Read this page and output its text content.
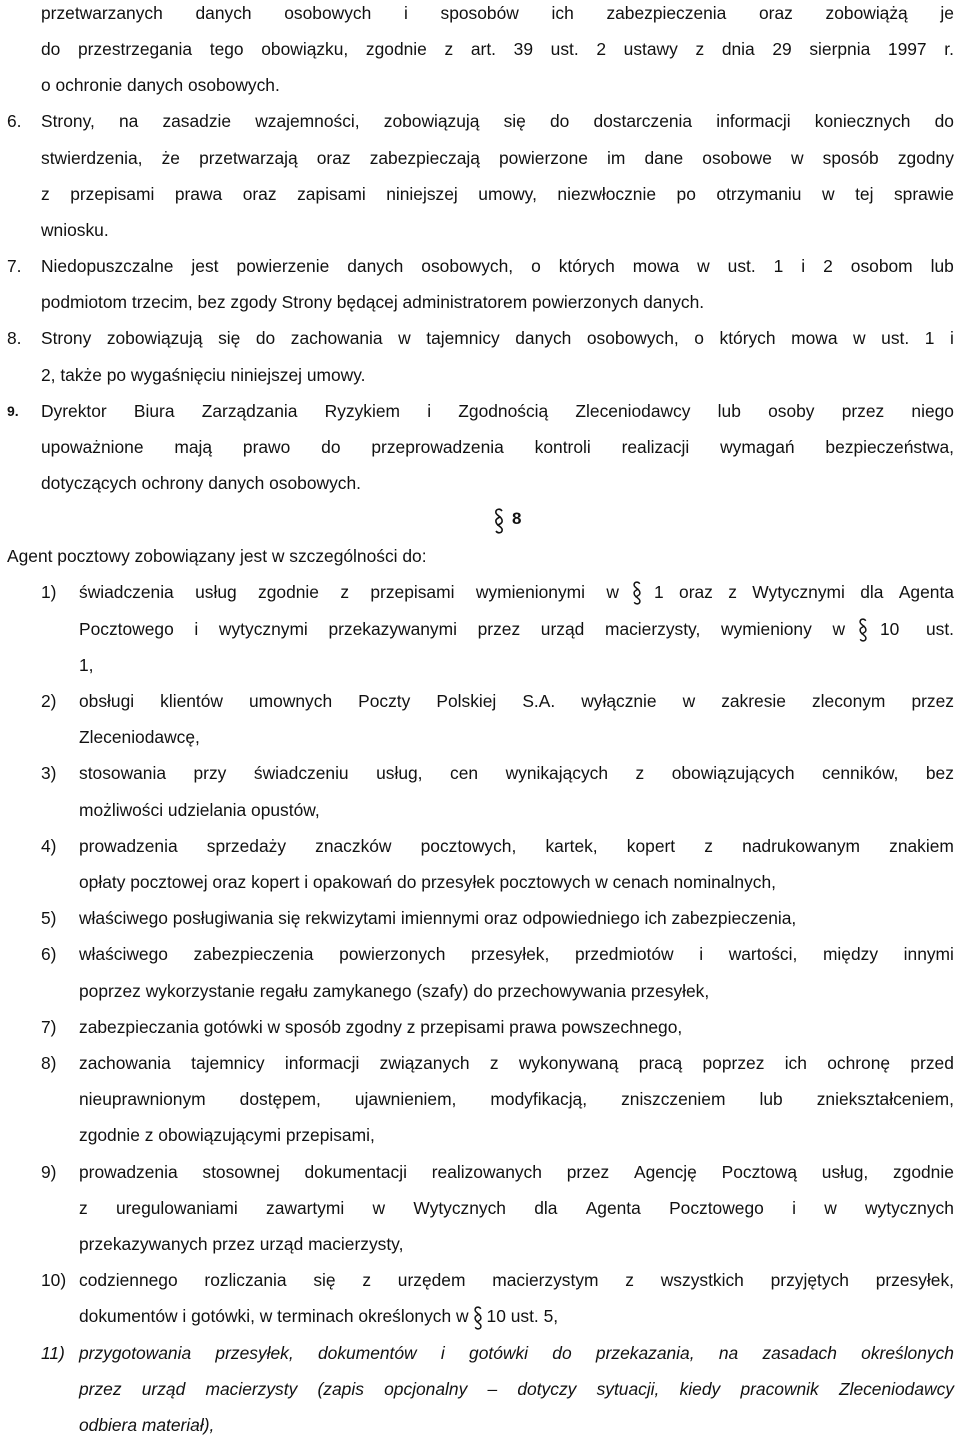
przetwarzanych danych osobowych i sposobów ich zabezpieczenia oraz zobowiążą je
do przestrzegania tego obowiązku, zgodnie z art. 39 ust. 2 ustawy z dnia 29 sierpnia 1997 r.
o ochronie danych osobowych.
6. Strony, na zasadzie wzajemności, zobowiązują się do dostarczenia informacji koniecznych do
stwierdzenia, że przetwarzają oraz zabezpieczają powierzone im dane osobowe w sposób zgodny
z przepisami prawa oraz zapisami niniejszej umowy, niezwłocznie po otrzymaniu w tej sprawie
wniosku.
7. Niedopuszczalne jest powierzenie danych osobowych, o których mowa w ust. 1 i 2 osobom lub
podmiotom trzecim, bez zgody Strony będącej administratorem powierzonych danych.
8. Strony zobowiązują się do zachowania w tajemnicy danych osobowych, o których mowa w ust. 1 i
2, także po wygaśnięciu niniejszej umowy.
9. Dyrektor Biura Zarządzania Ryzykiem i Zgodnością Zleceniodawcy lub osoby przez niego
upoważnione mają prawo do przeprowadzenia kontroli realizacji wymagań bezpieczeństwa,
dotyczących ochrony danych osobowych.
8
Agent pocztowy zobowiązany jest w szczególności do:
1) świadczenia usług zgodnie z przepisami wymienionymi w 1 oraz z Wytycznymi dla Agenta
Pocztowego i wytycznymi przekazywanymi przez urząd macierzysty, wymieniony w 10 ust.
1,
2) obsługi klientów umownych Poczty Polskiej S.A. wyłącznie w zakresie zleconym przez
Zleceniodawcę,
3) stosowania przy świadczeniu usług, cen wynikających z obowiązujących cenników, bez
możliwości udzielania opustów,
4) prowadzenia sprzedaży znaczków pocztowych, kartek, kopert z nadrukowanym znakiem
opłaty pocztowej oraz kopert i opakowań do przesyłek pocztowych w cenach nominalnych,
5) właściwego posługiwania się rekwizytami imiennymi oraz odpowiedniego ich zabezpieczenia,
6) właściwego zabezpieczenia powierzonych przesyłek, przedmiotów i wartości, między innymi
poprzez wykorzystanie regału zamykanego (szafy) do przechowywania przesyłek,
7) zabezpieczania gotówki w sposób zgodny z przepisami prawa powszechnego,
8) zachowania tajemnicy informacji związanych z wykonywaną pracą poprzez ich ochronę przed
nieuprawnionym dostępem, ujawnieniem, modyfikacją, zniszczeniem lub zniekształceniem,
zgodnie z obowiązującymi przepisami,
9) prowadzenia stosownej dokumentacji realizowanych przez Agencję Pocztową usług, zgodnie
z uregulowaniami zawartymi w Wytycznych dla Agenta Pocztowego i w wytycznych
przekazywanych przez urząd macierzysty,
10) codziennego rozliczania się z urzędem macierzystym z wszystkich przyjętych przesyłek,
dokumentów i gotówki, w terminach określonych w 10 ust. 5,
11) przygotowania przesyłek, dokumentów i gotówki do przekazania, na zasadach określonych
przez urząd macierzysty (zapis opcjonalny – dotyczy sytuacji, kiedy pracownik Zleceniodawcy
odbiera materiał),
